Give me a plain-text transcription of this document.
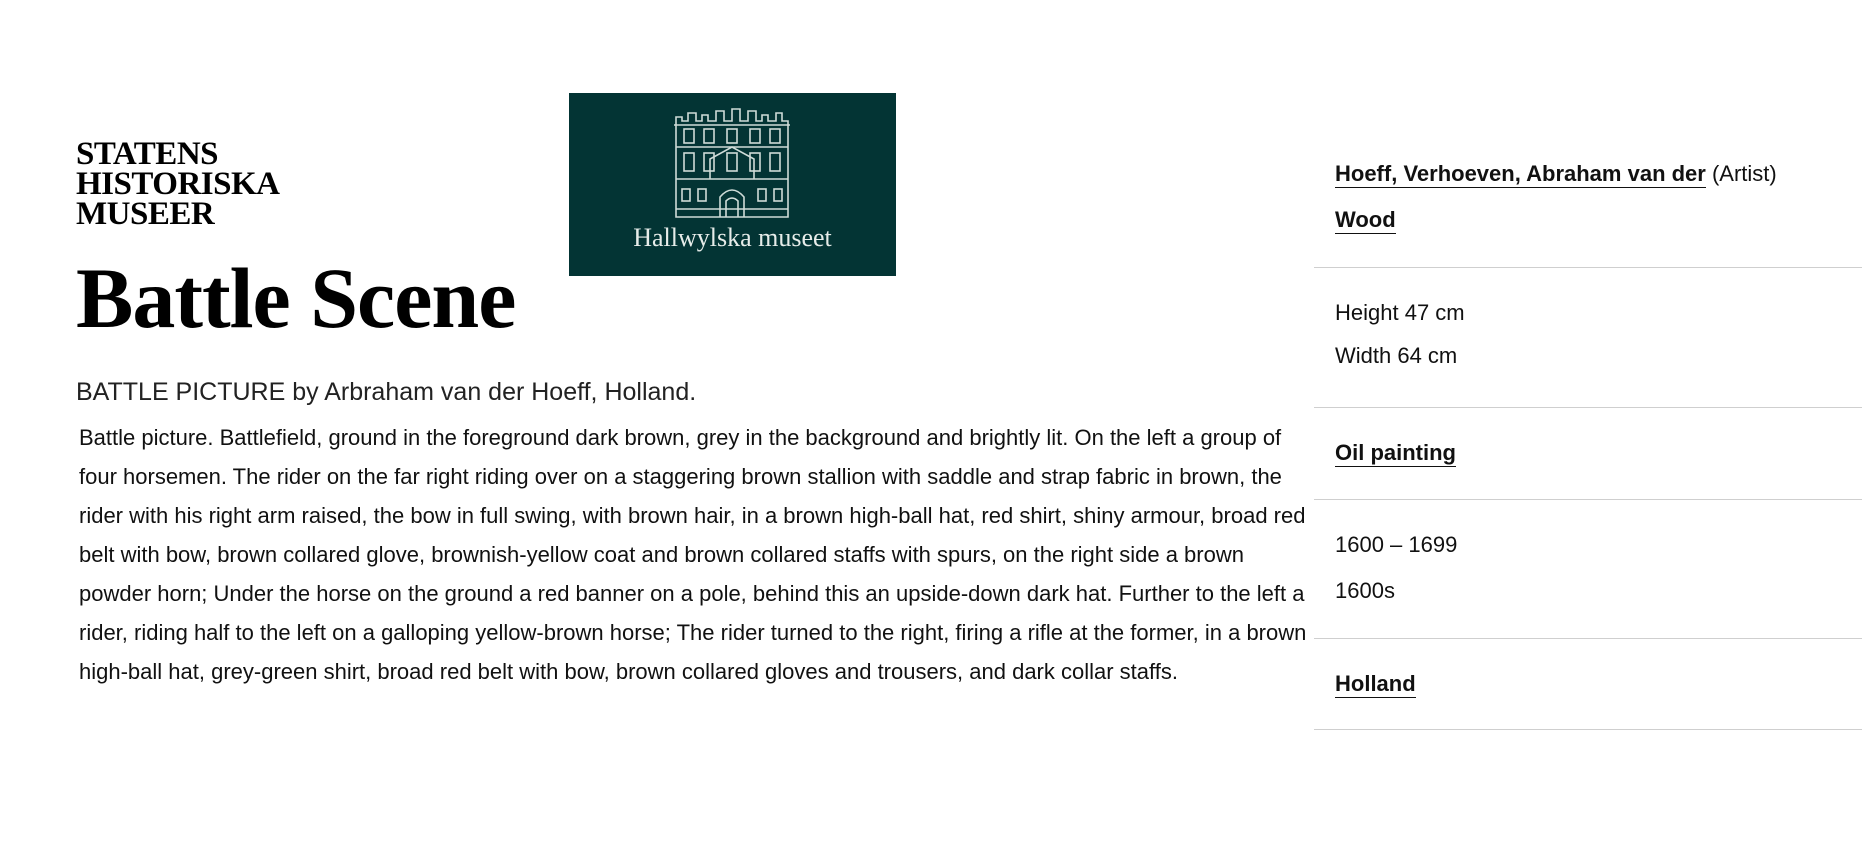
STATENS
HISTORISKA
MUSEER
Hallwylska museet
Battle Scene
BATTLE PICTURE by Arbraham van der Hoeff, Holland.

Battle picture. Battlefield, ground in the foreground dark brown, grey in the background and brightly lit. On the left a group of four horsemen. The rider on the far right riding over on a staggering brown stallion with saddle and strap fabric in brown, the rider with his right arm raised, the bow in full swing, with brown hair, in a brown high-ball hat, red shirt, shiny armour, broad red belt with bow, brown collared glove, brownish-yellow coat and brown collared staffs with spurs, on the right side a brown powder horn; Under the horse on the ground a red banner on a pole, behind this an upside-down dark hat. Further to the left a rider, riding half to the left on a galloping yellow-brown horse; The rider turned to the right, firing a rifle at the former, in a brown high-ball hat, grey-green shirt, broad red belt with bow, brown collared gloves and trousers, and dark collar staffs.

Hoeff, Verhoeven, Abraham van der (Artist)
Wood
Height 47 cm
Width 64 cm
Oil painting
1600 – 1699
1600s
Holland
